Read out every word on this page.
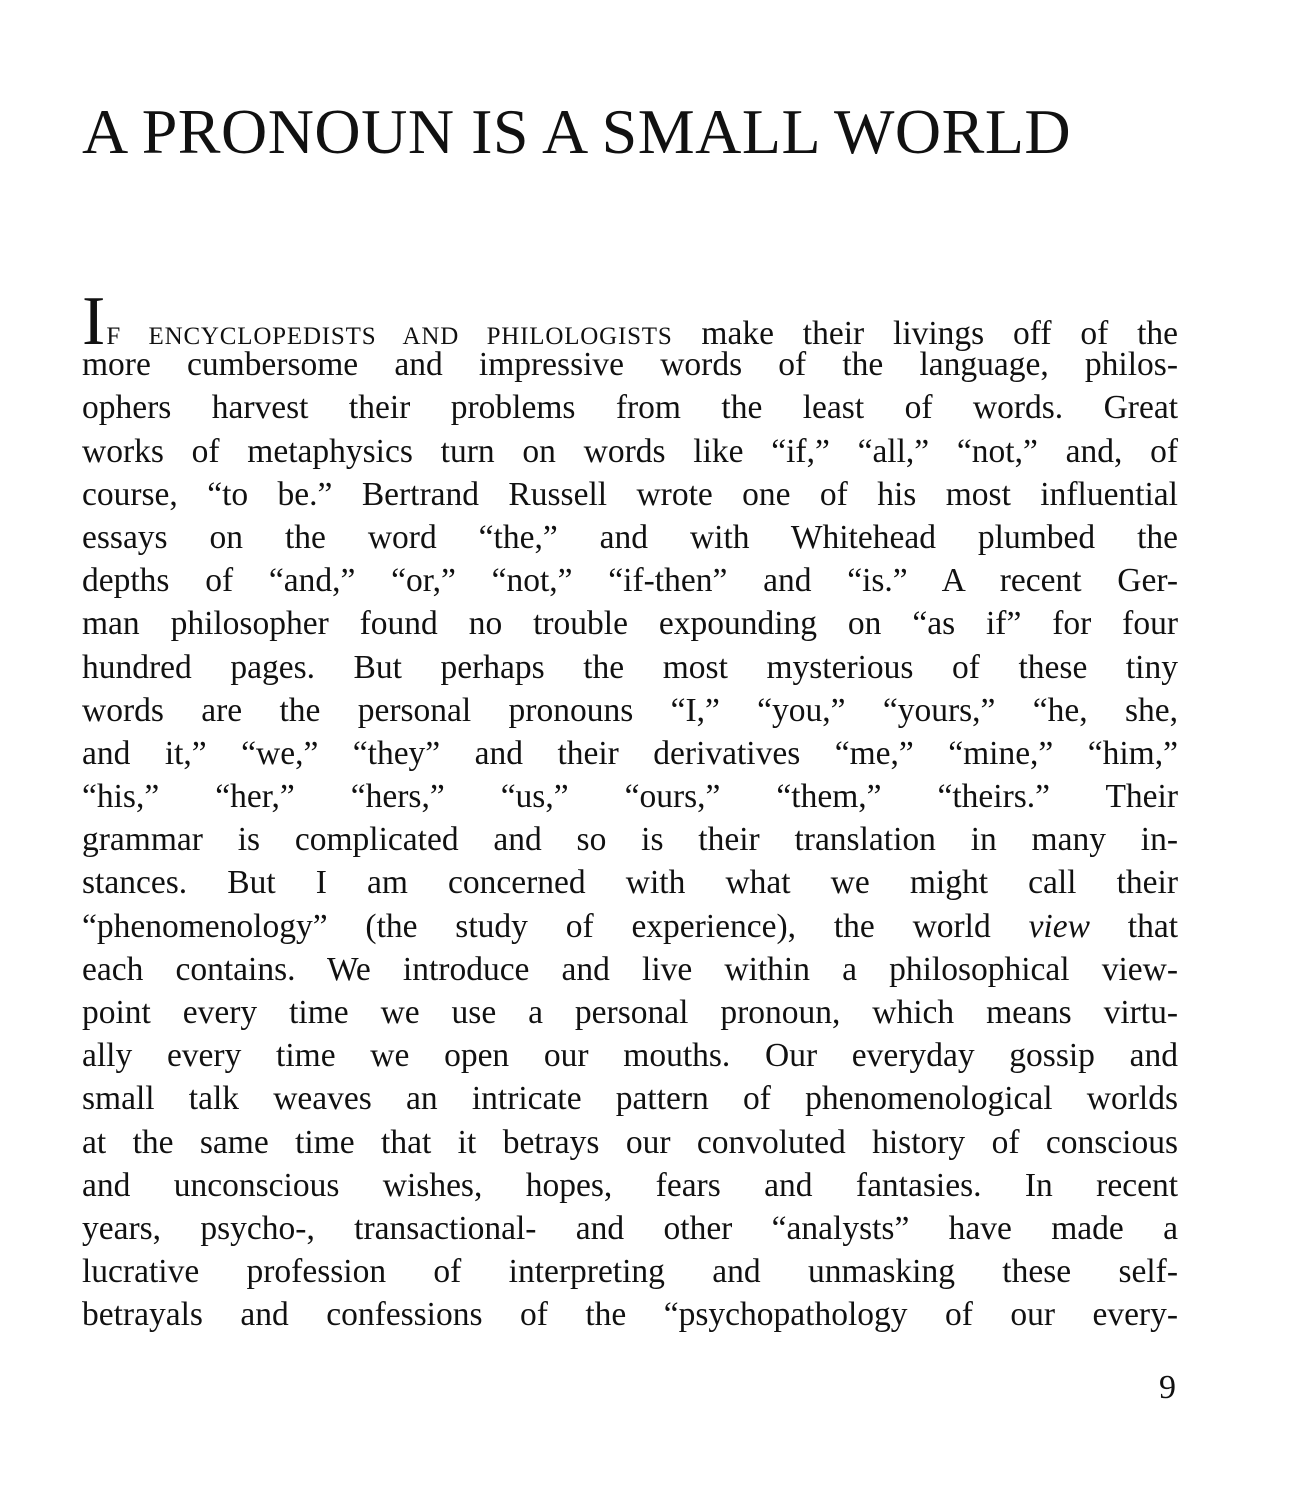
A PRONOUN IS A SMALL WORLD
IF ENCYCLOPEDISTS AND PHILOLOGISTS make their livings off of the
more cumbersome and impressive words of the language, philos-
ophers harvest their problems from the least of words. Great
works of metaphysics turn on words like “if,” “all,” “not,” and, of
course, “to be.” Bertrand Russell wrote one of his most influential
essays on the word “the,” and with Whitehead plumbed the
depths of “and,” “or,” “not,” “if-then” and “is.” A recent Ger-
man philosopher found no trouble expounding on “as if” for four
hundred pages. But perhaps the most mysterious of these tiny
words are the personal pronouns “I,” “you,” “yours,” “he, she,
and it,” “we,” “they” and their derivatives “me,” “mine,” “him,”
“his,” “her,” “hers,” “us,” “ours,” “them,” “theirs.” Their
grammar is complicated and so is their translation in many in-
stances. But I am concerned with what we might call their
“phenomenology” (the study of experience), the world view that
each contains. We introduce and live within a philosophical view-
point every time we use a personal pronoun, which means virtu-
ally every time we open our mouths. Our everyday gossip and
small talk weaves an intricate pattern of phenomenological worlds
at the same time that it betrays our convoluted history of conscious
and unconscious wishes, hopes, fears and fantasies. In recent
years, psycho-, transactional- and other “analysts” have made a
lucrative profession of interpreting and unmasking these self-
betrayals and confessions of the “psychopathology of our every-
9
